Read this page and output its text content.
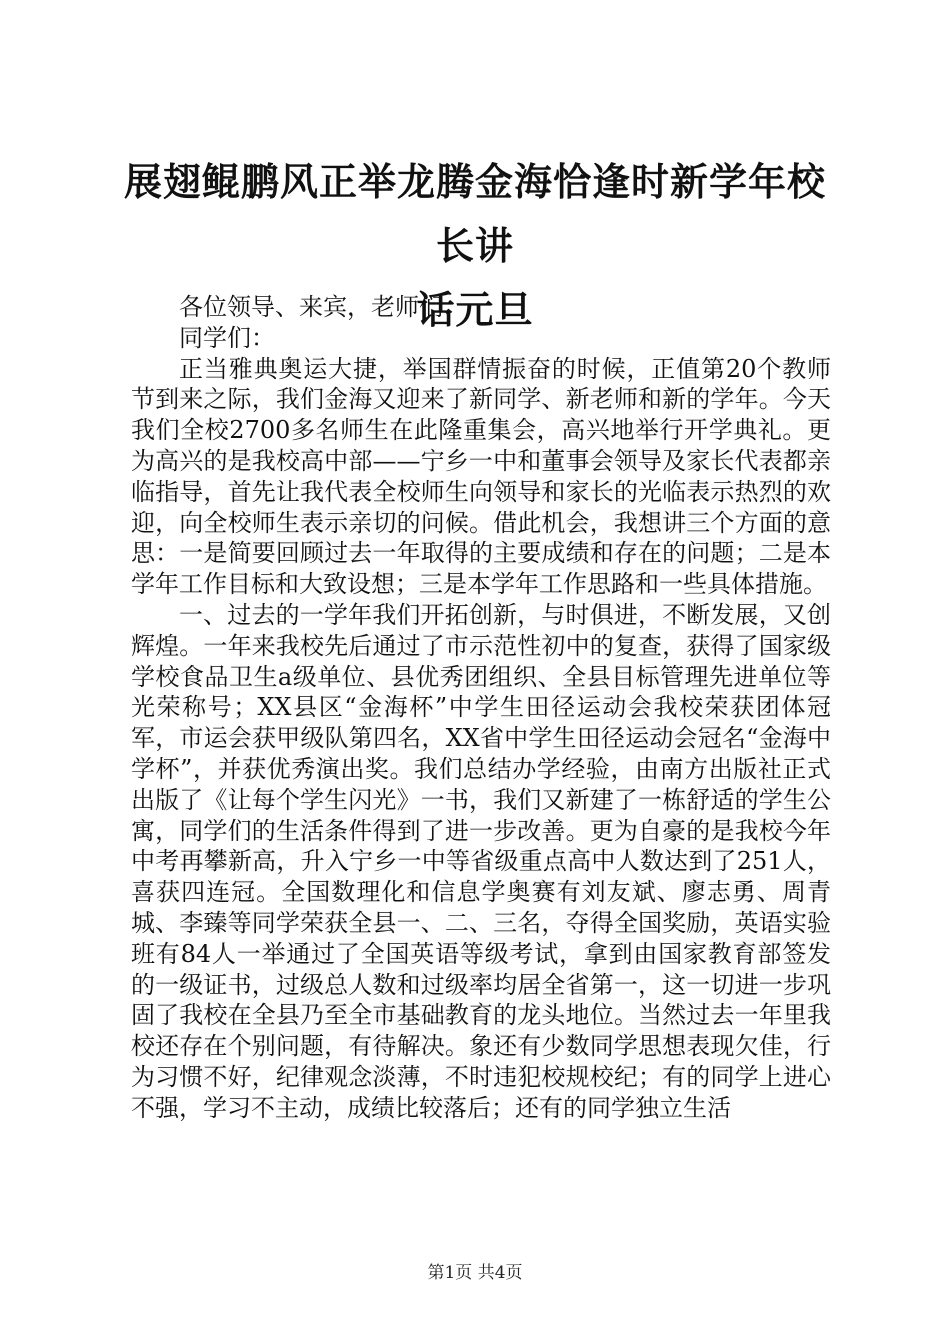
展翅鲲鹏风正举龙腾金海恰逢时新学年校长讲
话元旦

各位领导、来宾，老师们、

同学们：

正当雅典奥运大捷，举国群情振奋的时候，正值第20个教师节到来之际，我们金海又迎来了新同学、新老师和新的学年。今天我们全校2700多名师生在此隆重集会，高兴地举行开学典礼。更为高兴的是我校高中部——宁乡一中和董事会领导及家长代表都亲临指导，首先让我代表全校师生向领导和家长的光临表示热烈的欢迎，向全校师生表示亲切的问候。借此机会，我想讲三个方面的意思：一是简要回顾过去一年取得的主要成绩和存在的问题；二是本学年工作目标和大致设想；三是本学年工作思路和一些具体措施。

一、过去的一学年我们开拓创新，与时俱进，不断发展，又创辉煌。一年来我校先后通过了市示范性初中的复查，获得了国家级学校食品卫生a级单位、县优秀团组织、全县目标管理先进单位等光荣称号；XX县区“金海杯”中学生田径运动会我校荣获团体冠军，市运会获甲级队第四名，XX省中学生田径运动会冠名“金海中学杯”，并获优秀演出奖。我们总结办学经验，由南方出版社正式出版了《让每个学生闪光》一书，我们又新建了一栋舒适的学生公寓，同学们的生活条件得到了进一步改善。更为自豪的是我校今年中考再攀新高，升入宁乡一中等省级重点高中人数达到了251人，喜获四连冠。全国数理化和信息学奥赛有刘友斌、廖志勇、周青城、李臻等同学荣获全县一、二、三名，夺得全国奖励，英语实验班有84人一举通过了全国英语等级考试，拿到由国家教育部签发的一级证书，过级总人数和过级率均居全省第一，这一切进一步巩固了我校在全县乃至全市基础教育的龙头地位。当然过去一年里我校还存在个别问题，有待解决。象还有少数同学思想表现欠佳，行为习惯不好，纪律观念淡薄，不时违犯校规校纪；有的同学上进心不强，学习不主动，成绩比较落后；还有的同学独立生活

第1页 共4页
